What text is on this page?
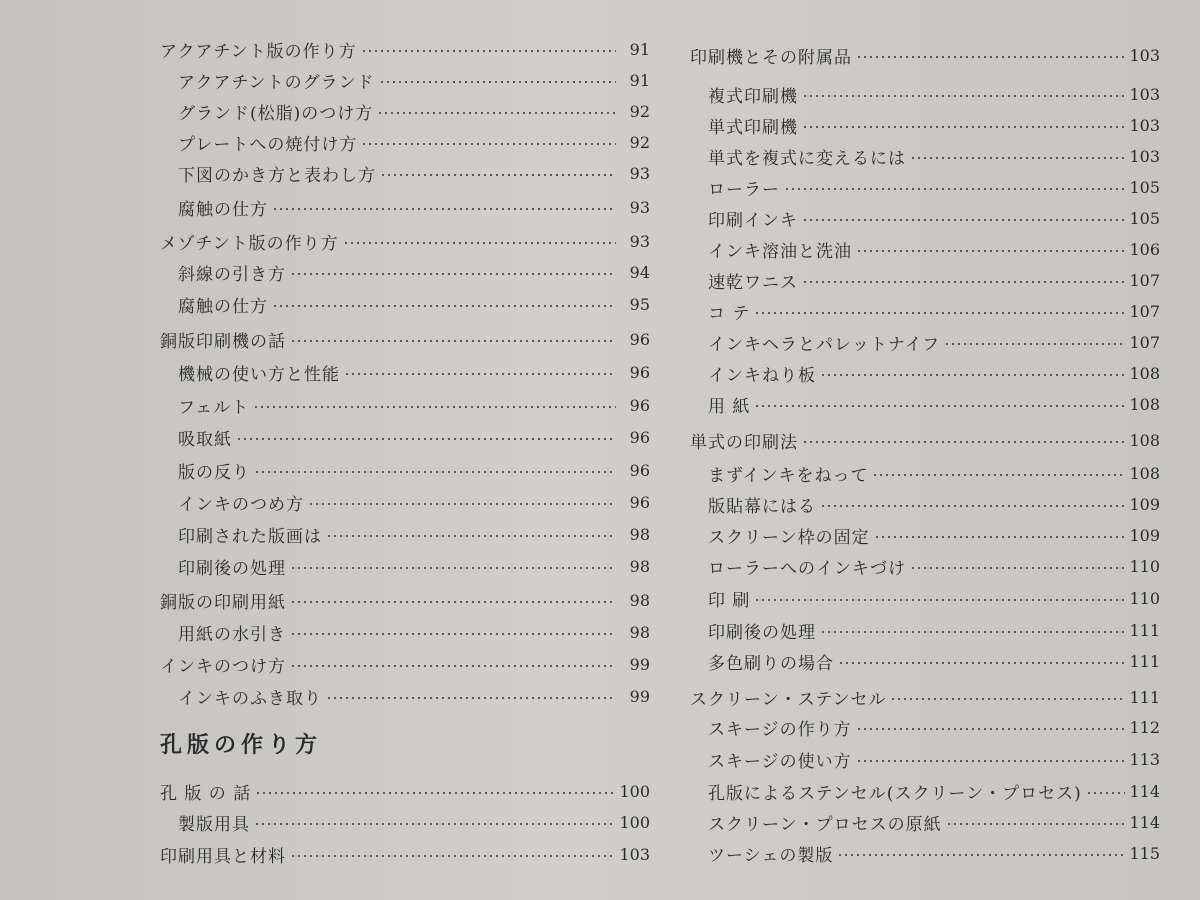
アクアチント版の作り方	91
アクアチントのグランド	91
グランド(松脂)のつけ方	92
プレートへの焼付け方	92
下図のかき方と表わし方	93
腐触の仕方	93
メゾチント版の作り方	93
斜線の引き方	94
腐触の仕方	95
銅版印刷機の話	96
機械の使い方と性能	96
フェルト	96
吸取紙	96
版の反り	96
インキのつめ方	96
印刷された版画は	98
印刷後の処理	98
銅版の印刷用紙	98
用紙の水引き	98
インキのつけ方	99
インキのふき取り	99
孔版の作り方
孔 版 の 話	100
製版用具	100
印刷用具と材料	103
印刷機とその附属品	103
複式印刷機	103
単式印刷機	103
単式を複式に変えるには	103
ローラー	105
印刷インキ	105
インキ溶油と洗油	106
速乾ワニス	107
コ テ	107
インキヘラとパレットナイフ	107
インキねり板	108
用 紙	108
単式の印刷法	108
まずインキをねって	108
版貼幕にはる	109
スクリーン枠の固定	109
ローラーへのインキづけ	110
印 刷	110
印刷後の処理	111
多色刷りの場合	111
スクリーン・ステンセル	111
スキージの作り方	112
スキージの使い方	113
孔版によるステンセル(スクリーン・プロセス)	114
スクリーン・プロセスの原紙	114
ツーシェの製版	115
